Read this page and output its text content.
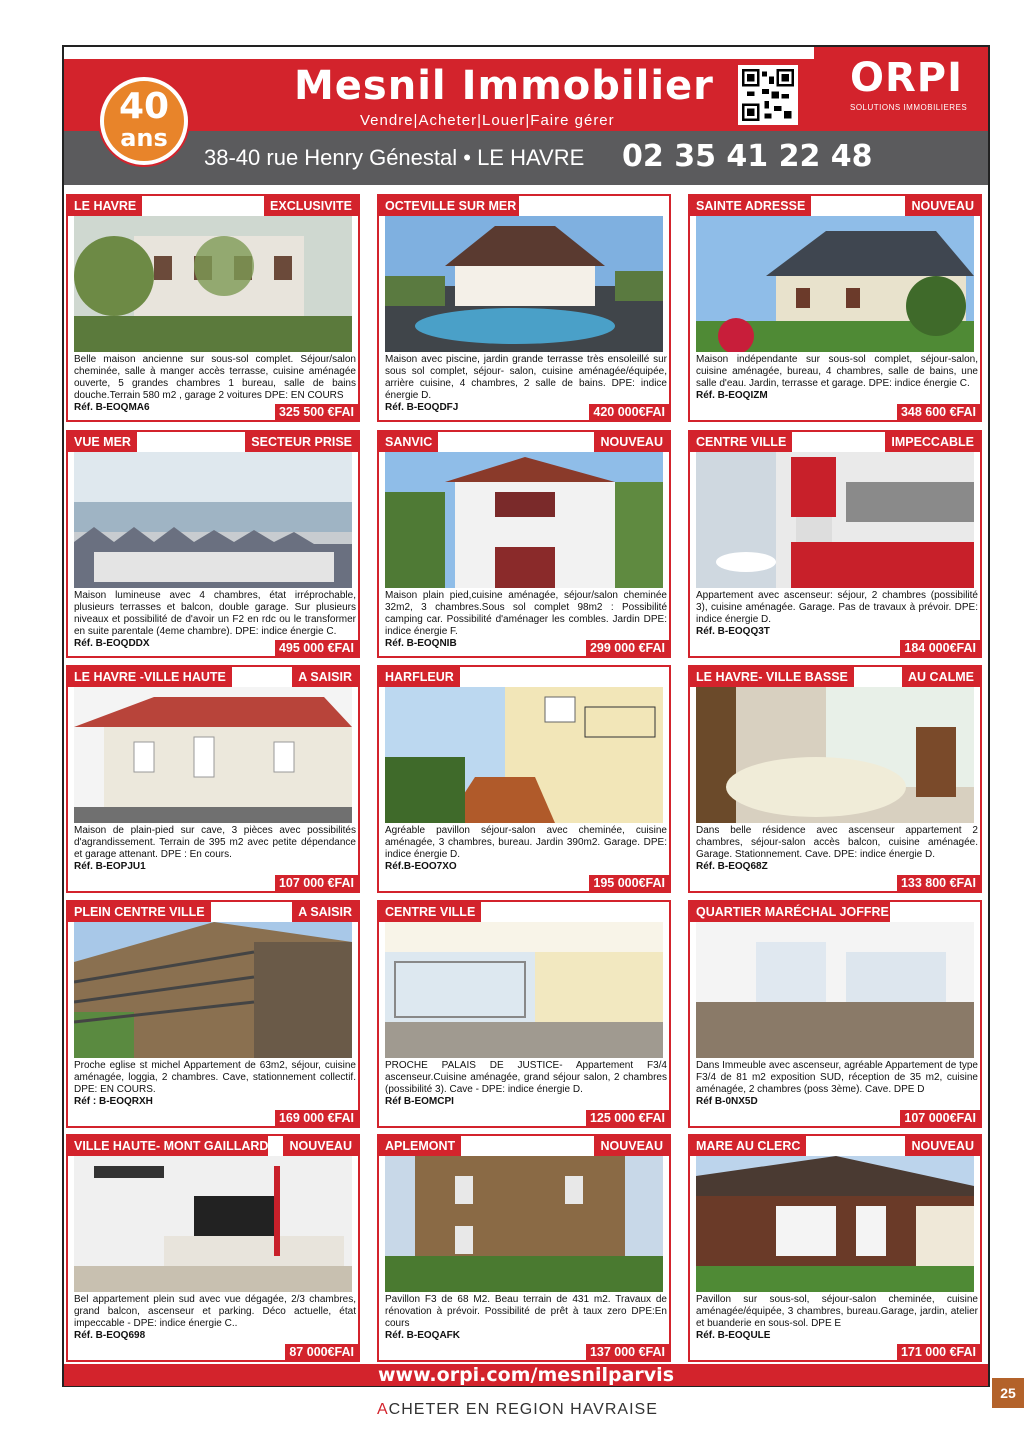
40
ans
Mesnil Immobilier
Vendre|Acheter|Louer|Faire gérer
38-40 rue Henry Génestal • LE HAVRE 02 35 41 22 48
ORPI
SOLUTIONS IMMOBILIERES
LE HAVRE	EXCLUSIVITE
Belle maison ancienne sur sous-sol complet. Séjour/salon cheminée, salle à manger accès terrasse, cuisine aménagée ouverte, 5 grandes chambres 1 bureau, salle de bains douche.Terrain 580 m2 , garage 2 voitures DPE: EN COURS
Réf. B-EOQMA6	325 500 €FAI
OCTEVILLE SUR MER
Maison avec piscine, jardin grande terrasse très ensoleillé sur sous sol complet, séjour- salon, cuisine aménagée/équipée, arrière cuisine, 4 chambres, 2 salle de bains. DPE: indice énergie D.
Réf. B-EOQDFJ	420 000€FAI
SAINTE ADRESSE	NOUVEAU
Maison indépendante sur sous-sol complet, séjour-salon, cuisine aménagée, bureau, 4 chambres, salle de bains, une salle d'eau. Jardin, terrasse et garage. DPE: indice énergie C.
Réf. B-EOQIZM
348 600 €FAI
VUE MER	SECTEUR PRISE
Maison lumineuse avec 4 chambres, état irréprochable, plusieurs terrasses et balcon, double garage. Sur plusieurs niveaux et possibilité de d'avoir un F2 en rdc ou le transformer en suite parentale (4eme chambre). DPE: indice énergie C.
Réf. B-EOQDDX	495 000 €FAI
SANVIC	NOUVEAU
Maison plain pied,cuisine aménagée, séjour/salon cheminée 32m2, 3 chambres.Sous sol complet 98m2 : Possibilité camping car. Possibilité d'aménager les combles. Jardin DPE: indice énergie F.
Réf. B-EOQNIB	299 000 €FAI
CENTRE VILLE	IMPECCABLE
Appartement avec ascenseur: séjour, 2 chambres (possibilité 3), cuisine aménagée. Garage. Pas de travaux à prévoir. DPE: indice énergie D.
Réf. B-EOQQ3T
184 000€FAI
LE HAVRE -VILLE HAUTE	A SAISIR
Maison de plain-pied sur cave, 3 pièces avec possibilités d'agrandissement. Terrain de 395 m2 avec petite dépendance et garage attenant. DPE : En cours.
Réf. B-EOPJU1
107 000 €FAI
HARFLEUR
Agréable pavillon séjour-salon avec cheminée, cuisine aménagée, 3 chambres, bureau. Jardin 390m2. Garage. DPE: indice énergie D.
Réf.B-EOO7XO
195 000€FAI
LE HAVRE- VILLE BASSE	AU CALME
Dans belle résidence avec ascenseur appartement 2 chambres, séjour-salon accès balcon, cuisine aménagée. Garage. Stationnement. Cave. DPE: indice énergie D.
Réf. B-EOQ68Z
133 800 €FAI
PLEIN CENTRE VILLE	A SAISIR
Proche eglise st michel Appartement de 63m2, séjour, cuisine aménagée, loggia, 2 chambres. Cave, stationnement collectif. DPE: EN COURS.
Réf : B-EOQRXH
169 000 €FAI
CENTRE VILLE
PROCHE PALAIS DE JUSTICE- Appartement F3/4 ascenseur.Cuisine aménagée, grand séjour salon, 2 chambres (possibilité 3). Cave - DPE: indice énergie D.
Réf B-EOMCPI
125 000 €FAI
QUARTIER MARÉCHAL JOFFRE
Dans Immeuble avec ascenseur, agréable Appartement de type F3/4 de 81 m2 exposition SUD, réception de 35 m2, cuisine aménagée, 2 chambres (poss 3ème). Cave. DPE D
Réf B-0NX5D
107 000€FAI
VILLE HAUTE- MONT GAILLARD	NOUVEAU
Bel appartement plein sud avec vue dégagée, 2/3 chambres, grand balcon, ascenseur et parking. Déco actuelle, état impeccable - DPE: indice énergie C..
Réf. B-EOQ698
87 000€FAI
APLEMONT	NOUVEAU
Pavillon F3 de 68 M2. Beau terrain de 431 m2. Travaux de rénovation à prévoir. Possibilité de prêt à taux zero DPE:En cours
Réf. B-EOQAFK
137 000 €FAI
MARE AU CLERC	NOUVEAU
Pavillon sur sous-sol, séjour-salon cheminée, cuisine aménagée/équipée, 3 chambres, bureau.Garage, jardin, atelier et buanderie en sous-sol. DPE E
Réf. B-EOQULE
171 000 €FAI
www.orpi.com/mesnilparvis
ACHETER EN REGION HAVRAISE
25
